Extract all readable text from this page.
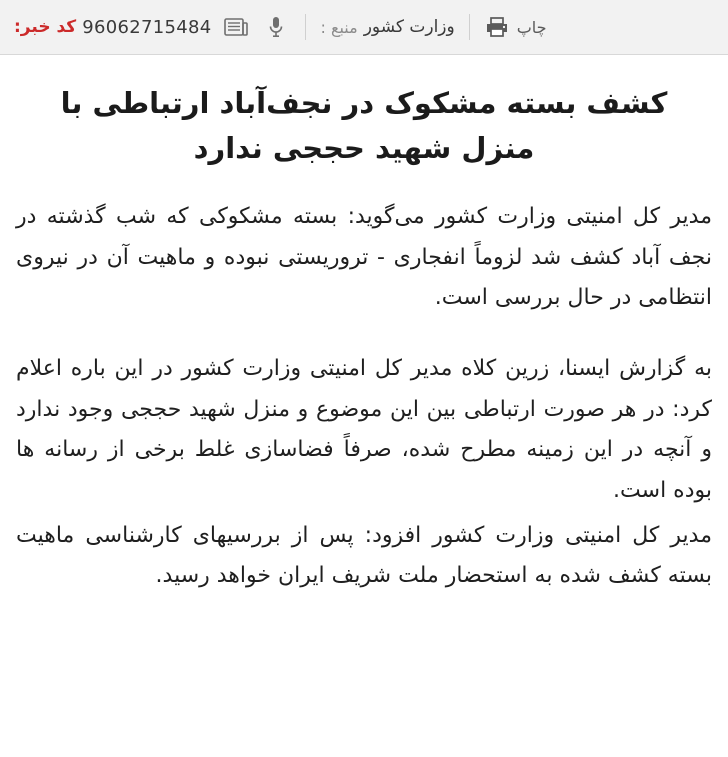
کد خبر: 96062715484	منبع : وزارت کشور	چاپ
کشف بسته مشکوک در نجف‌آباد ارتباطی با منزل شهید حججی ندارد

مدیر کل امنیتی وزارت کشور می‌گوید: بسته مشکوکی که شب گذشته در نجف آباد کشف شد لزوماً انفجاری - تروریستی نبوده و ماهیت آن در نیروی انتظامی در حال بررسی است.

به گزارش ایسنا، زرین کلاه مدیر کل امنیتی وزارت کشور در این باره اعلام کرد: در هر صورت ارتباطی بین این موضوع و منزل شهید حججی وجود ندارد و آنچه در این زمینه مطرح شده، صرفاً فضاسازی غلط برخی از رسانه ها بوده است.

مدیر کل امنیتی وزارت کشور افزود: پس از بررسیهای کارشناسی ماهیت بسته کشف شده به استحضار ملت شریف ایران خواهد رسید.
